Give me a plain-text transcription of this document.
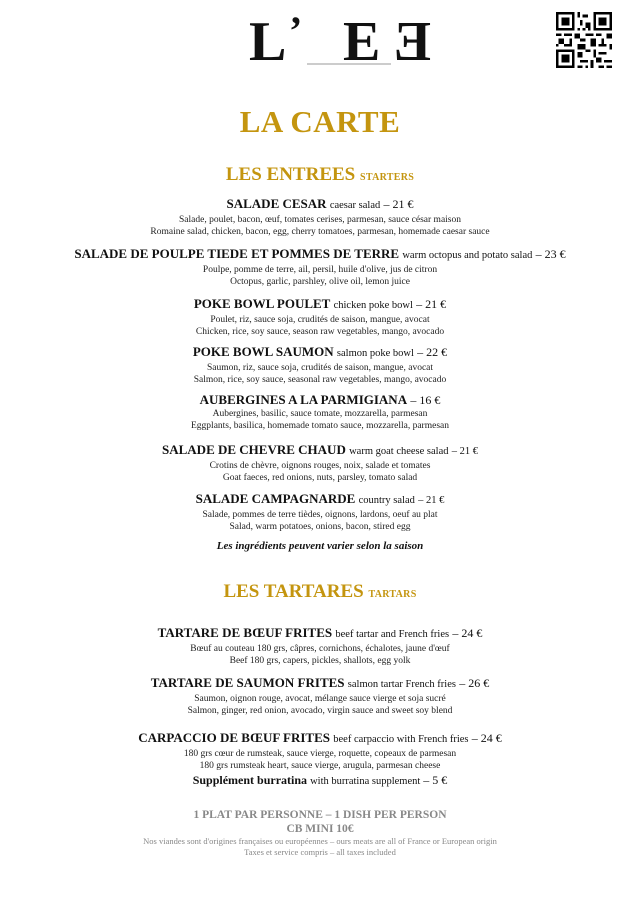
L ’ E
E
LA CARTE
LES ENTREES STARTERS
SALADE CESAR caesar salad – 21 €
Salade, poulet, bacon, œuf, tomates cerises, parmesan, sauce césar maison
Romaine salad, chicken, bacon, egg, cherry tomatoes, parmesan, homemade caesar sauce
SALADE DE POULPE TIEDE ET POMMES DE TERRE warm octopus and potato salad – 23 €
Poulpe, pomme de terre, ail, persil, huile d'olive, jus de citron
Octopus, garlic, parshley, olive oil, lemon juice
POKE BOWL POULET chicken poke bowl – 21 €
Poulet, riz, sauce soja, crudités de saison, mangue, avocat
Chicken, rice, soy sauce, season raw vegetables, mango, avocado
POKE BOWL SAUMON salmon poke bowl – 22 €
Saumon, riz, sauce soja, crudités de saison, mangue, avocat
Salmon, rice, soy sauce, seasonal raw vegetables, mango, avocado
AUBERGINES A LA PARMIGIANA – 16 €
Aubergines, basilic, sauce tomate, mozzarella, parmesan
Eggplants, basilica, homemade tomato sauce, mozzarella, parmesan
SALADE DE CHEVRE CHAUD warm goat cheese salad – 21 €
Crotins de chèvre, oignons rouges, noix, salade et tomates
Goat faeces, red onions, nuts, parsley, tomato salad
SALADE CAMPAGNARDE country salad – 21 €
Salade, pommes de terre tièdes, oignons, lardons, oeuf au plat
Salad, warm potatoes, onions, bacon, stired egg
Les ingrédients peuvent varier selon la saison
LES TARTARES TARTARS
TARTARE DE BŒUF FRITES beef tartar and French fries – 24 €
Bœuf au couteau 180 grs, câpres, cornichons, échalotes, jaune d'œuf
Beef 180 grs, capers, pickles, shallots, egg yolk
TARTARE DE SAUMON FRITES salmon tartar French fries – 26 €
Saumon, oignon rouge, avocat, mélange sauce vierge et soja sucré
Salmon, ginger, red onion, avocado, virgin sauce and sweet soy blend
CARPACCIO DE BŒUF FRITES beef carpaccio with French fries – 24 €
180 grs cœur de rumsteak, sauce vierge, roquette, copeaux de parmesan
180 grs rumsteak heart, sauce vierge, arugula, parmesan cheese
Supplément burratina with burratina supplement – 5 €
1 PLAT PAR PERSONNE – 1 DISH PER PERSON
CB MINI 10€
Nos viandes sont d'origines françaises ou européennes – ours meats are all of France or European origin
Taxes et service compris – all taxes included
